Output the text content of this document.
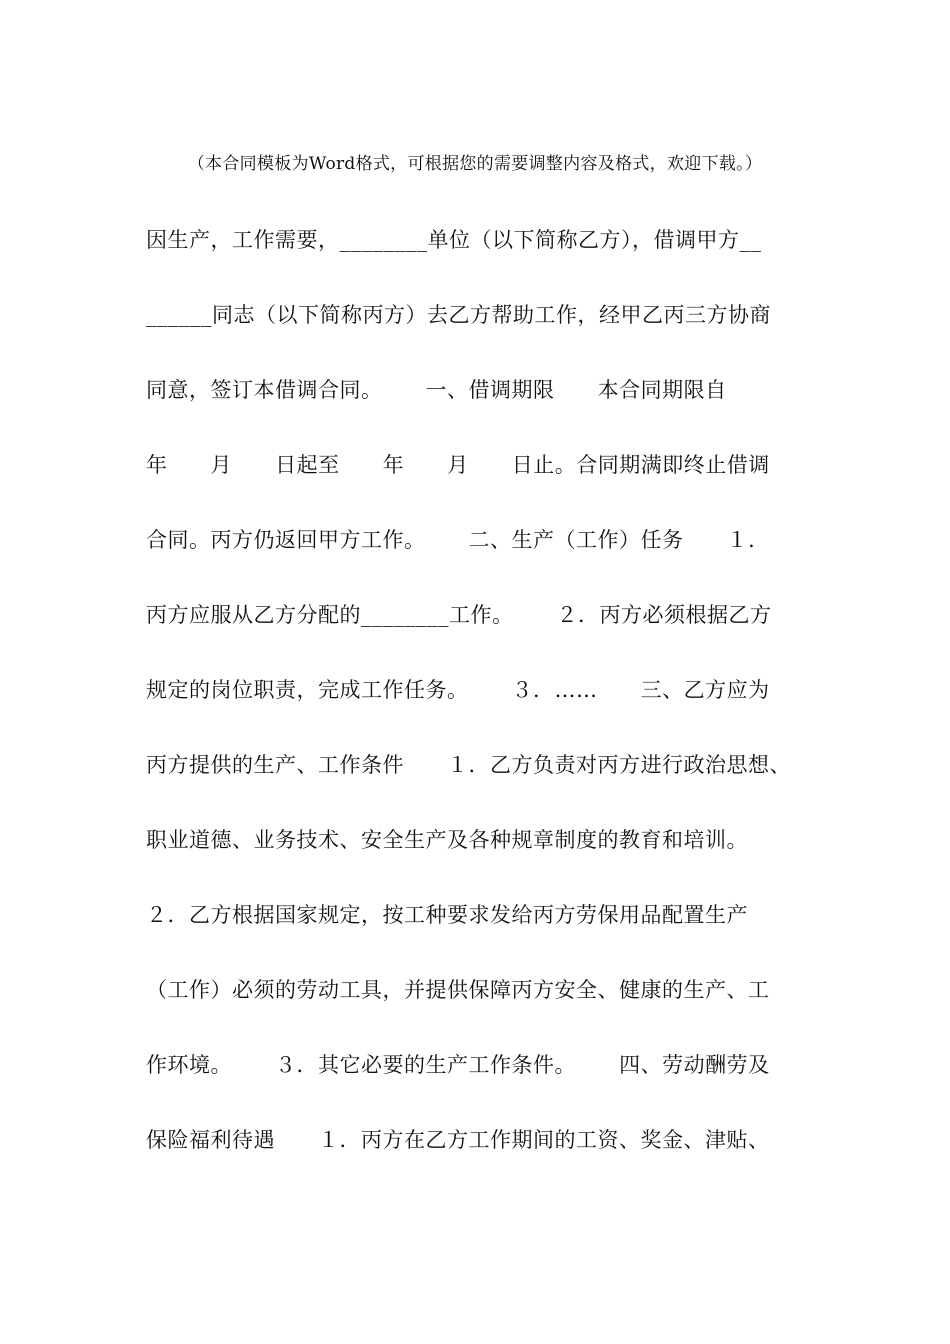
（本合同模板为Word格式，可根据您的需要调整内容及格式，欢迎下载。）
因生产，工作需要，________单位（以下简称乙方），借调甲方__
______同志（以下简称丙方）去乙方帮助工作，经甲乙丙三方协商
同意，签订本借调合同。      一、借调期限      本合同期限自
年      月      日起至      年      月      日止。合同期满即终止借调
合同。丙方仍返回甲方工作。      二、生产（工作）任务      １．
丙方应服从乙方分配的________工作。      ２．丙方必须根据乙方
规定的岗位职责，完成工作任务。      ３．……      三、乙方应为
丙方提供的生产、工作条件      １．乙方负责对丙方进行政治思想、
职业道德、业务技术、安全生产及各种规章制度的教育和培训。
２．乙方根据国家规定，按工种要求发给丙方劳保用品配置生产
（工作）必须的劳动工具，并提供保障丙方安全、健康的生产、工
作环境。      ３．其它必要的生产工作条件。      四、劳动酬劳及
保险福利待遇      １．丙方在乙方工作期间的工资、奖金、津贴、
